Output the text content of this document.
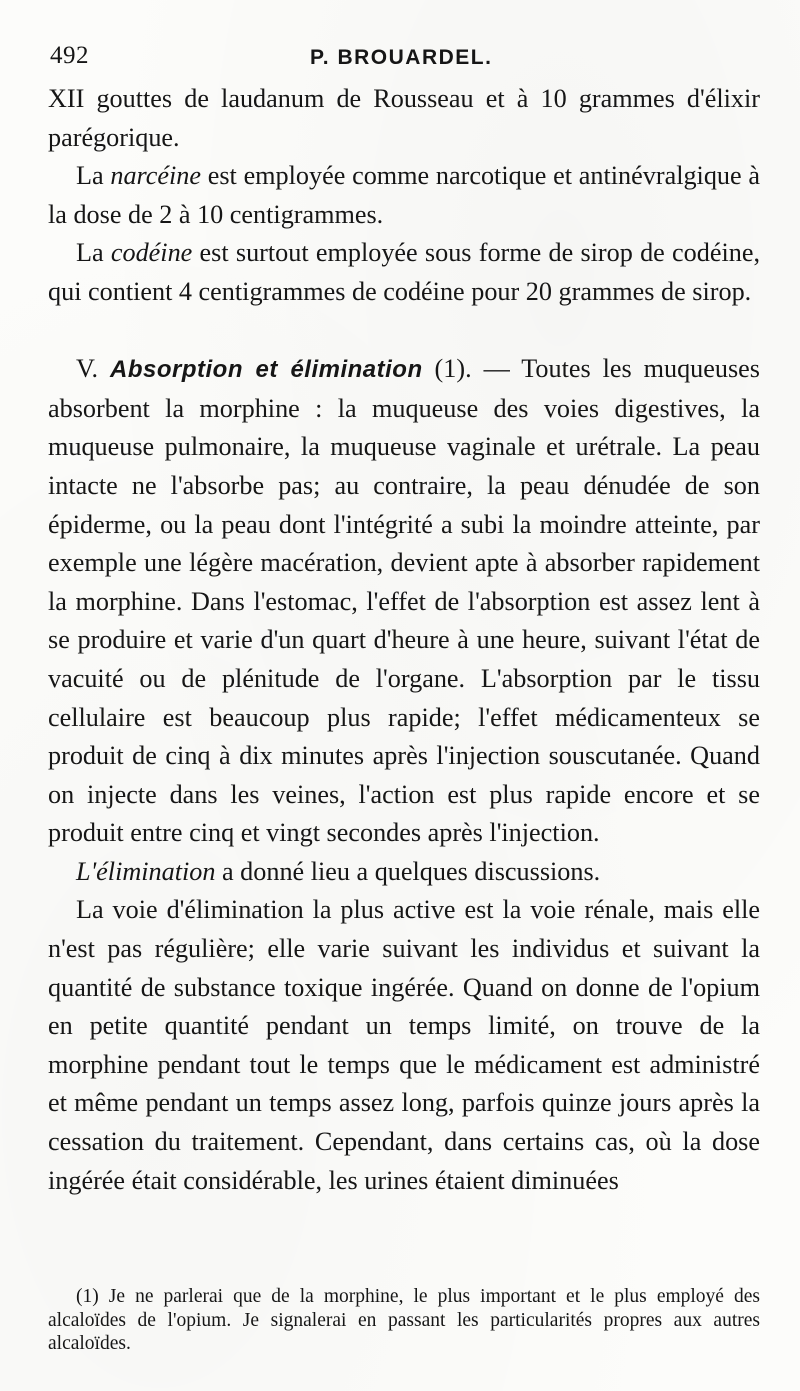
492	P. BROUARDEL.

XII gouttes de laudanum de Rousseau et à 10 grammes d'élixir parégorique.

La narcéine est employée comme narcotique et antinévralgique à la dose de 2 à 10 centigrammes.

La codéine est surtout employée sous forme de sirop de codéine, qui contient 4 centigrammes de codéine pour 20 grammes de sirop.

V. Absorption et élimination (1). — Toutes les muqueuses absorbent la morphine : la muqueuse des voies digestives, la muqueuse pulmonaire, la muqueuse vaginale et urétrale. La peau intacte ne l'absorbe pas; au contraire, la peau dénudée de son épiderme, ou la peau dont l'intégrité a subi la moindre atteinte, par exemple une légère macération, devient apte à absorber rapidement la morphine. Dans l'estomac, l'effet de l'absorption est assez lent à se produire et varie d'un quart d'heure à une heure, suivant l'état de vacuité ou de plénitude de l'organe. L'absorption par le tissu cellulaire est beaucoup plus rapide; l'effet médicamenteux se produit de cinq à dix minutes après l'injection souscutanée. Quand on injecte dans les veines, l'action est plus rapide encore et se produit entre cinq et vingt secondes après l'injection.

L'élimination a donné lieu a quelques discussions.

La voie d'élimination la plus active est la voie rénale, mais elle n'est pas régulière; elle varie suivant les individus et suivant la quantité de substance toxique ingérée. Quand on donne de l'opium en petite quantité pendant un temps limité, on trouve de la morphine pendant tout le temps que le médicament est administré et même pendant un temps assez long, parfois quinze jours après la cessation du traitement. Cependant, dans certains cas, où la dose ingérée était considérable, les urines étaient diminuées

(1) Je ne parlerai que de la morphine, le plus important et le plus employé des alcaloïdes de l'opium. Je signalerai en passant les particularités propres aux autres alcaloïdes.
